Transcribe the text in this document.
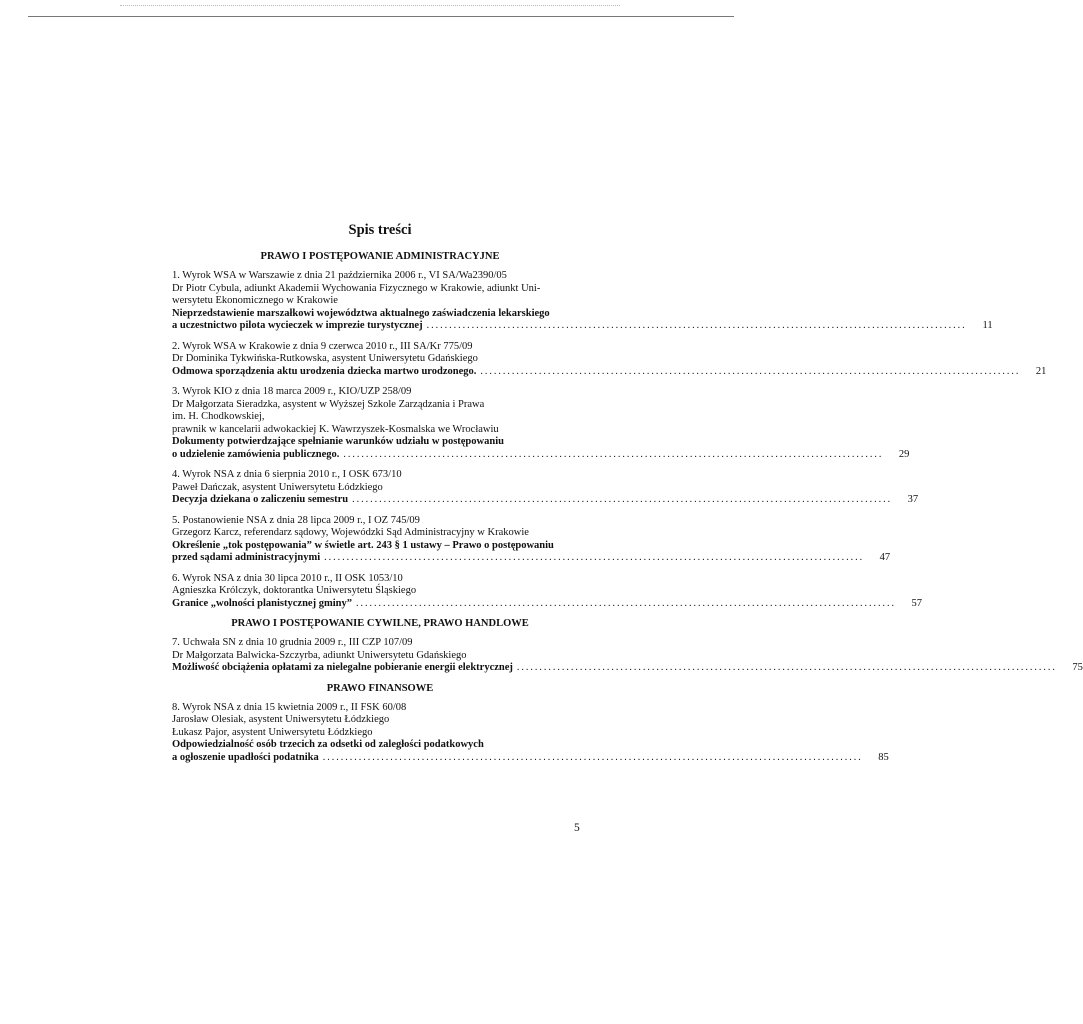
Spis treści
PRAWO I POSTĘPOWANIE ADMINISTRACYJNE
1. Wyrok WSA w Warszawie z dnia 21 października 2006 r., VI SA/Wa2390/05
Dr Piotr Cybula, adiunkt Akademii Wychowania Fizycznego w Krakowie, adiunkt Uni-
wersytetu Ekonomicznego w Krakowie
Nieprzedstawienie marszałkowi województwa aktualnego zaświadczenia lekarskiego
a uczestnictwo pilota wycieczek w imprezie turystycznej ........................................................................................................................	11
2. Wyrok WSA w Krakowie z dnia 9 czerwca 2010 r., III SA/Kr 775/09
Dr Dominika Tykwińska-Rutkowska, asystent Uniwersytetu Gdańskiego
Odmowa sporządzenia aktu urodzenia dziecka martwo urodzonego. ........................................................................................................................	21
3. Wyrok KIO z dnia 18 marca 2009 r., KIO/UZP 258/09
Dr Małgorzata Sieradzka, asystent w Wyższej Szkole Zarządzania i Prawa
im. H. Chodkowskiej,
prawnik w kancelarii adwokackiej K. Wawrzyszek-Kosmalska we Wrocławiu
Dokumenty potwierdzające spełnianie warunków udziału w postępowaniu
o udzielenie zamówienia publicznego. ........................................................................................................................	29
4. Wyrok NSA z dnia 6 sierpnia 2010 r., I OSK 673/10
Paweł Dańczak, asystent Uniwersytetu Łódzkiego
Decyzja dziekana o zaliczeniu semestru ........................................................................................................................	37
5. Postanowienie NSA z dnia 28 lipca 2009 r., I OZ 745/09
Grzegorz Karcz, referendarz sądowy, Wojewódzki Sąd Administracyjny w Krakowie
Określenie „tok postępowania” w świetle art. 243 § 1 ustawy – Prawo o postępowaniu
przed sądami administracyjnymi ........................................................................................................................	47
6. Wyrok NSA z dnia 30 lipca 2010 r., II OSK 1053/10
Agnieszka Królczyk, doktorantka Uniwersytetu Śląskiego
Granice „wolności planistycznej gminy” ........................................................................................................................	57
PRAWO I POSTĘPOWANIE CYWILNE, PRAWO HANDLOWE
7. Uchwała SN z dnia 10 grudnia 2009 r., III CZP 107/09
Dr Małgorzata Balwicka-Szczyrba, adiunkt Uniwersytetu Gdańskiego
Możliwość obciążenia opłatami za nielegalne pobieranie energii elektrycznej ........................................................................................................................	75
PRAWO FINANSOWE
8. Wyrok NSA z dnia 15 kwietnia 2009 r., II FSK 60/08
Jarosław Olesiak, asystent Uniwersytetu Łódzkiego
Łukasz Pajor, asystent Uniwersytetu Łódzkiego
Odpowiedzialność osób trzecich za odsetki od zaległości podatkowych
a ogłoszenie upadłości podatnika ........................................................................................................................	85
5
